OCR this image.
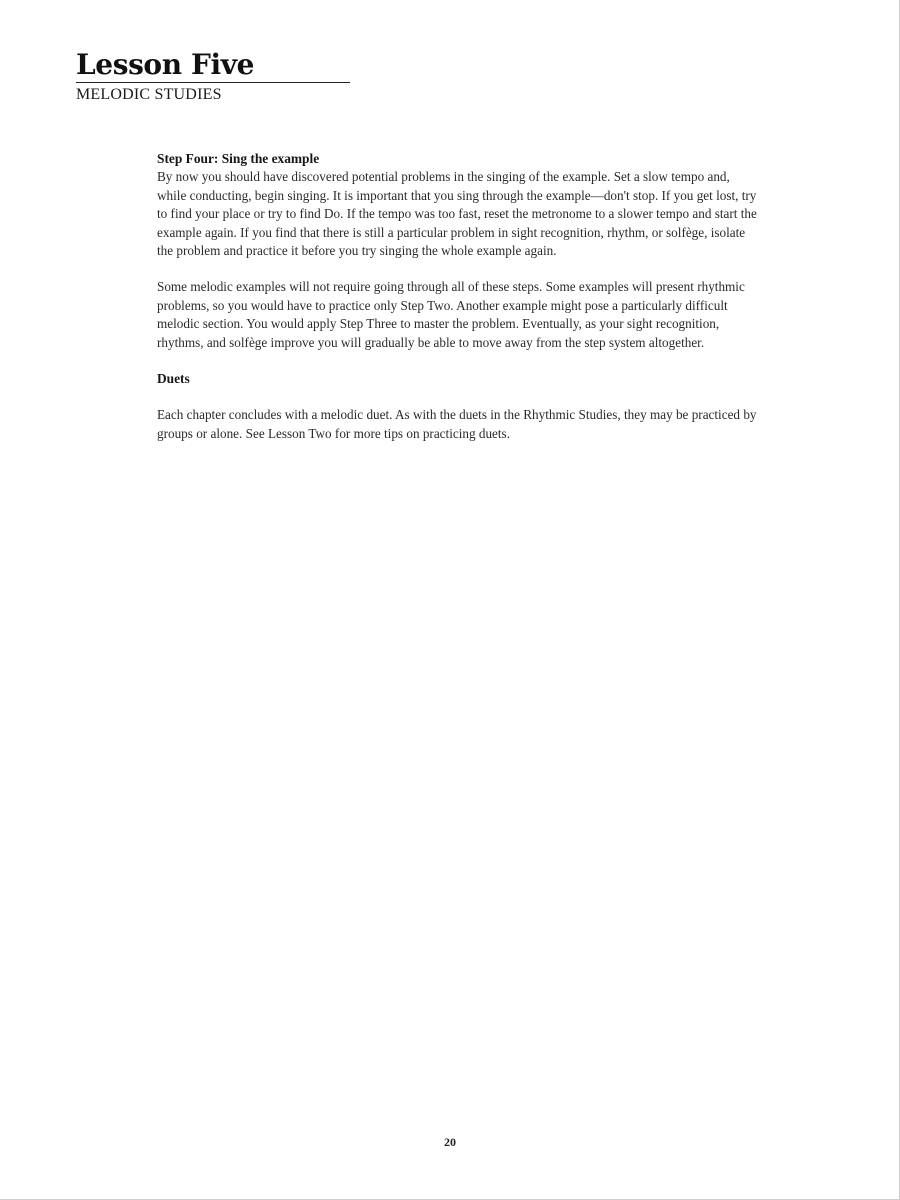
Lesson Five
MELODIC STUDIES
Step Four: Sing the example

By now you should have discovered potential problems in the singing of the example. Set a slow tempo and, while conducting, begin singing. It is important that you sing through the example—don't stop. If you get lost, try to find your place or try to find Do. If the tempo was too fast, reset the metronome to a slower tempo and start the example again. If you find that there is still a particular problem in sight recognition, rhythm, or solfège, isolate the problem and practice it before you try singing the whole example again.

Some melodic examples will not require going through all of these steps. Some examples will present rhythmic problems, so you would have to practice only Step Two. Another example might pose a particularly difficult melodic section. You would apply Step Three to master the problem. Eventually, as your sight recognition, rhythms, and solfège improve you will gradually be able to move away from the step system altogether.

Duets

Each chapter concludes with a melodic duet. As with the duets in the Rhythmic Studies, they may be practiced by groups or alone. See Lesson Two for more tips on practicing duets.

20
